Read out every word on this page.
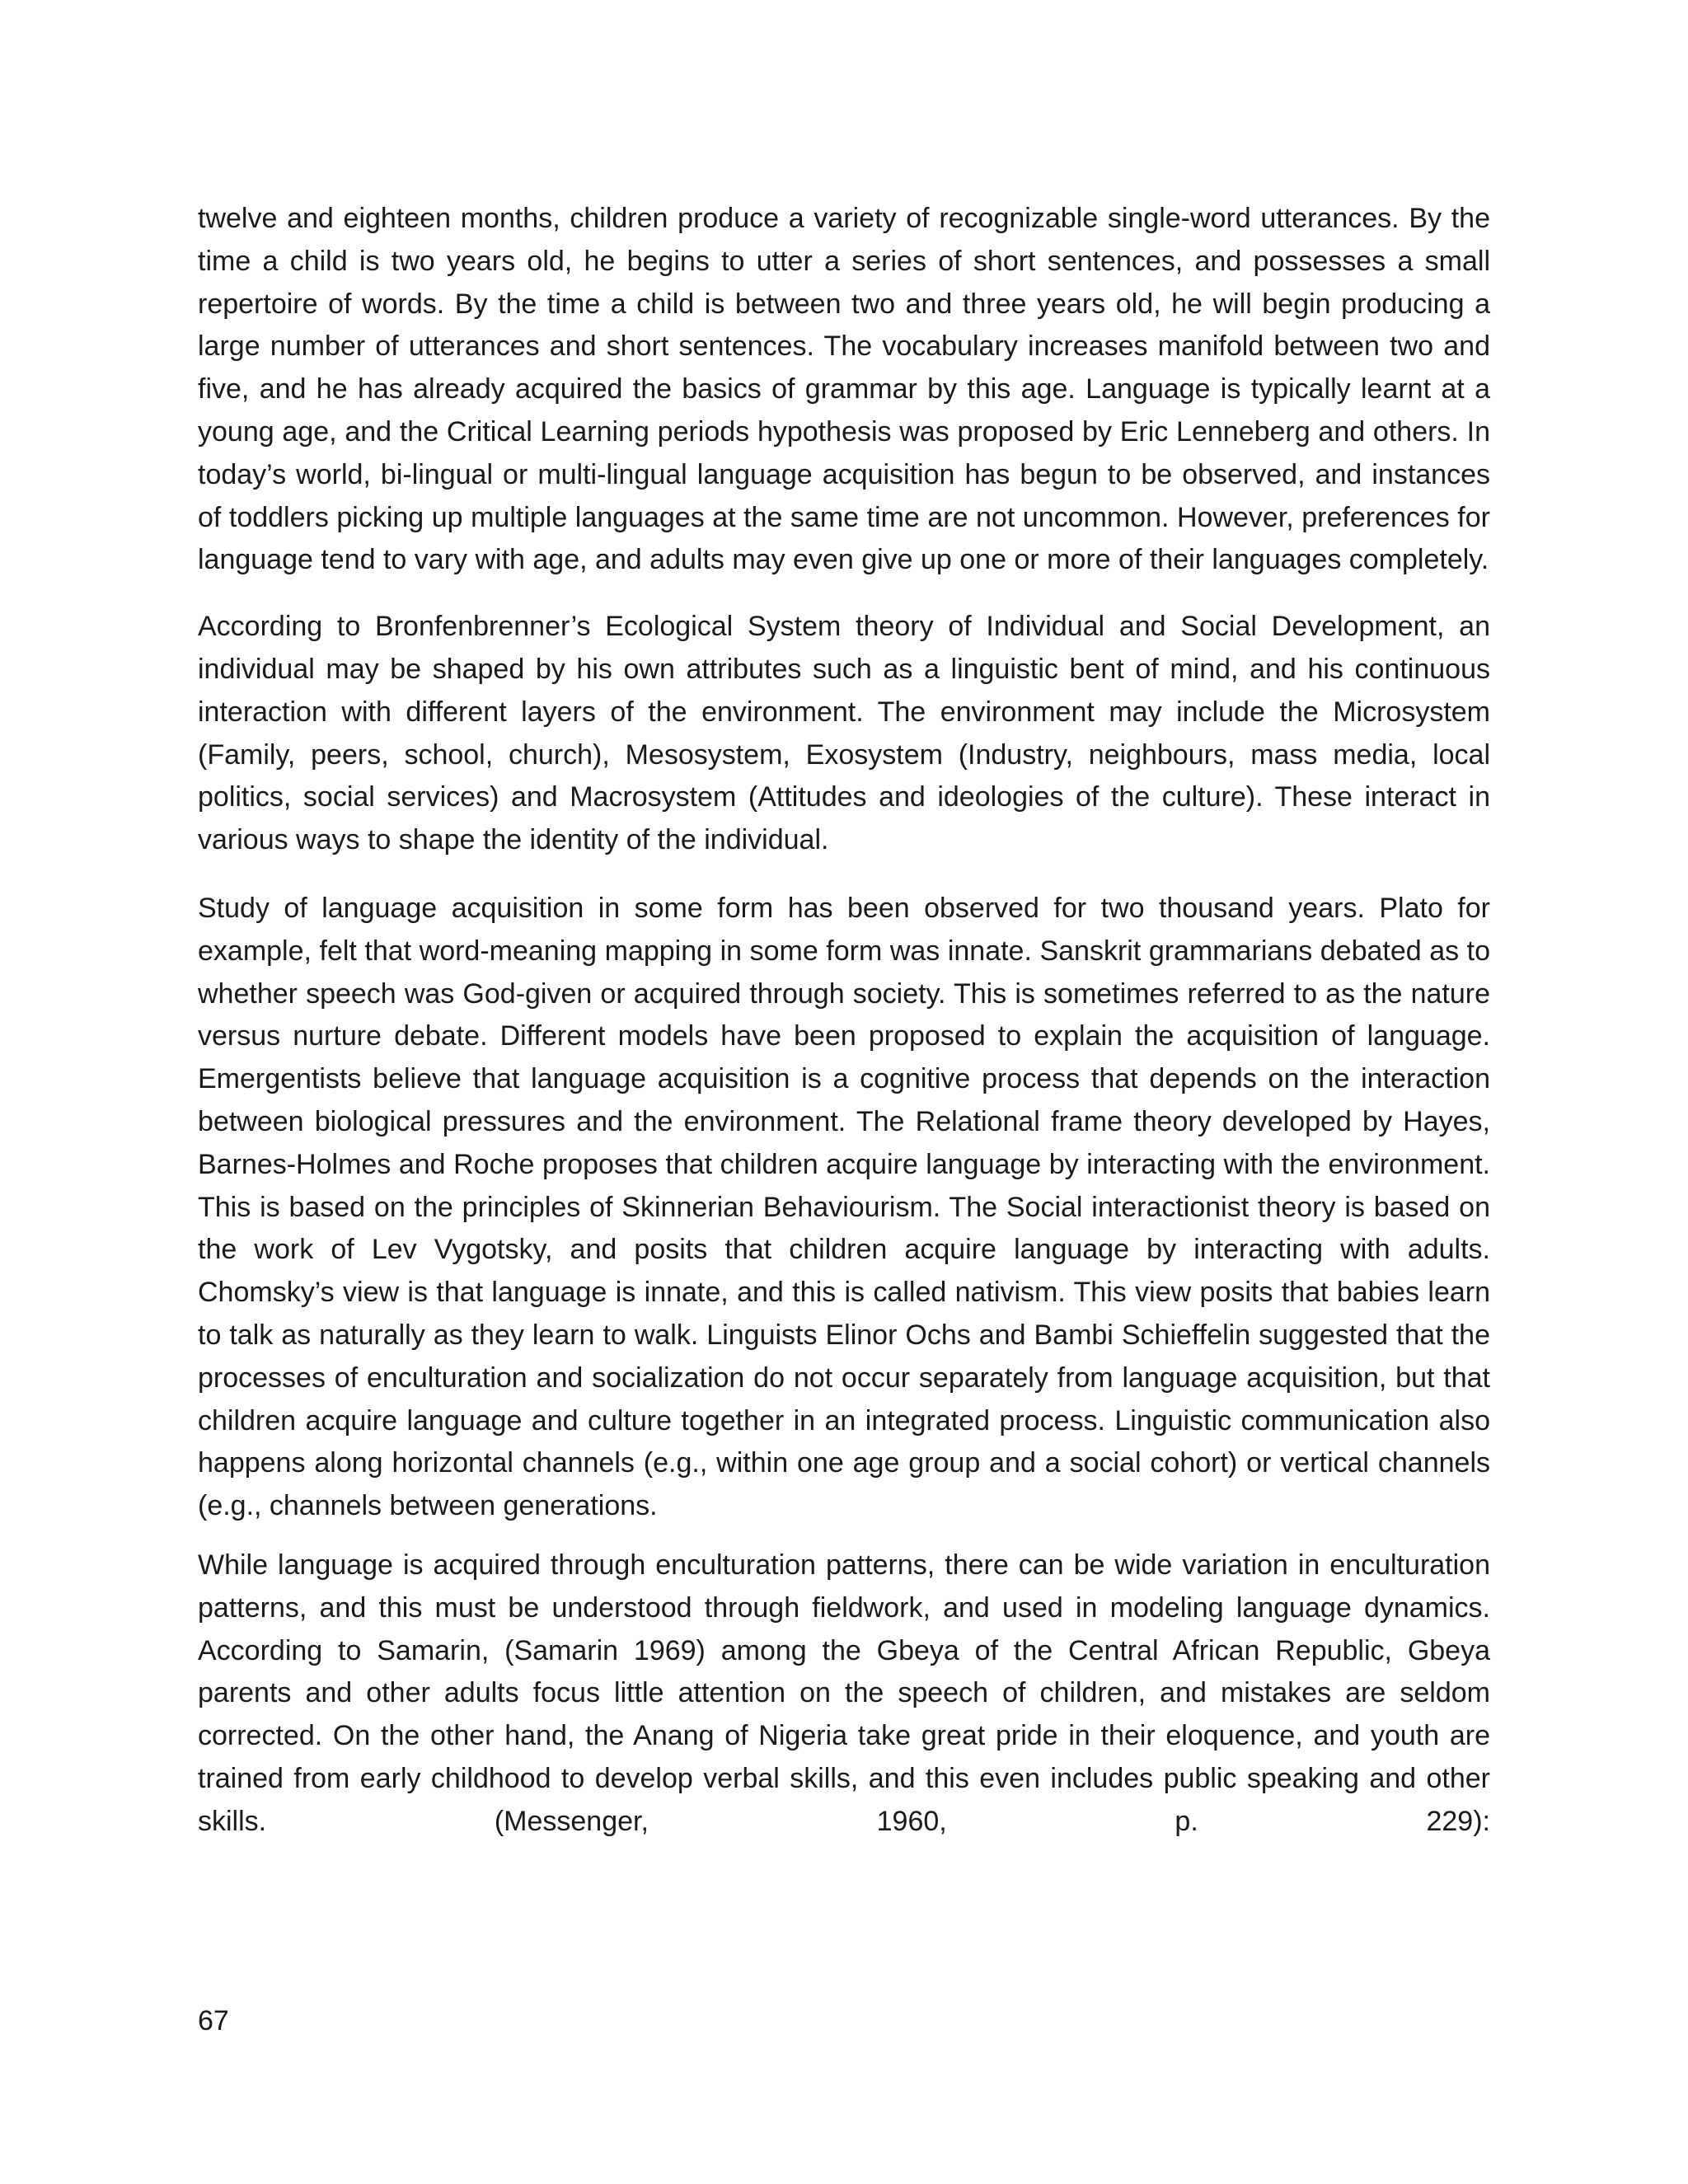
twelve and eighteen months, children produce a variety of recognizable single-word utterances. By the time a child is two years old, he begins to utter a series of short sentences, and possesses a small repertoire of words. By the time a child is between two and three years old, he will begin producing a large number of utterances and short sentences. The vocabulary increases manifold between two and five, and he has already acquired the basics of grammar by this age. Language is typically learnt at a young age, and the Critical Learning periods hypothesis was proposed by Eric Lenneberg and others. In today’s world, bi-lingual or multi-lingual language acquisition has begun to be observed, and instances of toddlers picking up multiple languages at the same time are not uncommon. However, preferences for language tend to vary with age, and adults may even give up one or more of their languages completely.

According to Bronfenbrenner’s Ecological System theory of Individual and Social Development, an individual may be shaped by his own attributes such as a linguistic bent of mind, and his continuous interaction with different layers of the environment. The environment may include the Microsystem (Family, peers, school, church), Mesosystem, Exosystem (Industry, neighbours, mass media, local politics, social services) and Macrosystem (Attitudes and ideologies of the culture). These interact in various ways to shape the identity of the individual.

Study of language acquisition in some form has been observed for two thousand years. Plato for example, felt that word-meaning mapping in some form was innate. Sanskrit grammarians debated as to whether speech was God-given or acquired through society. This is sometimes referred to as the nature versus nurture debate. Different models have been proposed to explain the acquisition of language. Emergentists believe that language acquisition is a cognitive process that depends on the interaction between biological pressures and the environment. The Relational frame theory developed by Hayes, Barnes-Holmes and Roche proposes that children acquire language by interacting with the environment. This is based on the principles of Skinnerian Behaviourism. The Social interactionist theory is based on the work of Lev Vygotsky, and posits that children acquire language by interacting with adults. Chomsky’s view is that language is innate, and this is called nativism. This view posits that babies learn to talk as naturally as they learn to walk. Linguists Elinor Ochs and Bambi Schieffelin suggested that the processes of enculturation and socialization do not occur separately from language acquisition, but that children acquire language and culture together in an integrated process. Linguistic communication also happens along horizontal channels (e.g., within one age group and a social cohort) or vertical channels (e.g., channels between generations.

While language is acquired through enculturation patterns, there can be wide variation in enculturation patterns, and this must be understood through fieldwork, and used in modeling language dynamics. According to Samarin, (Samarin 1969) among the Gbeya of the Central African Republic, Gbeya parents and other adults focus little attention on the speech of children, and mistakes are seldom corrected. On the other hand, the Anang of Nigeria take great pride in their eloquence, and youth are trained from early childhood to develop verbal skills, and this even includes public speaking and other skills. (Messenger, 1960, p. 229):

67
